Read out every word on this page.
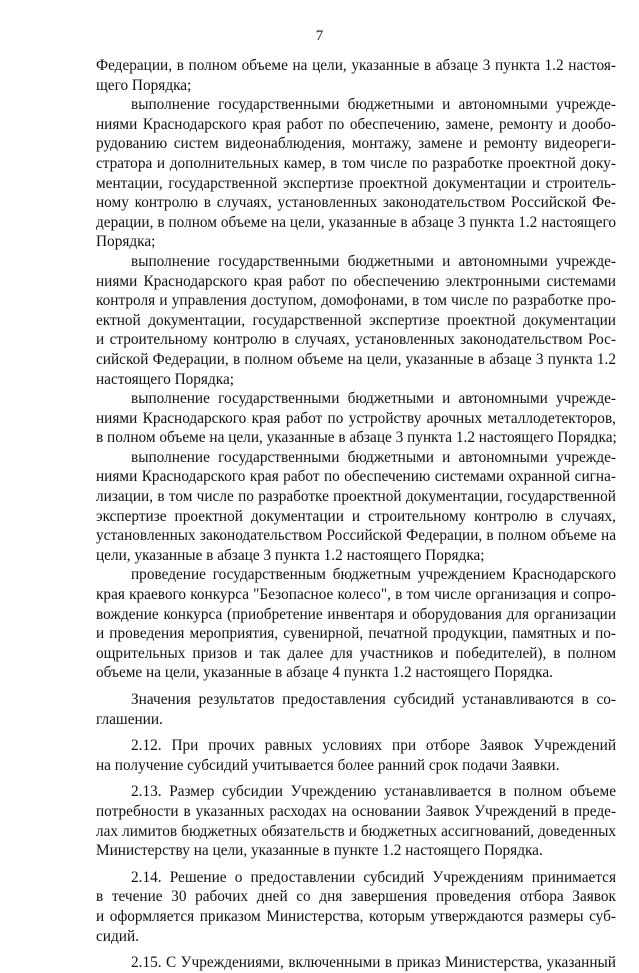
7
Федерации, в полном объеме на цели, указанные в абзаце 3 пункта 1.2 настоя-
щего Порядка;
выполнение государственными бюджетными и автономными учрежде-
ниями Краснодарского края работ по обеспечению, замене, ремонту и дообо-
рудованию систем видеонаблюдения, монтажу, замене и ремонту видеореги-
стратора и дополнительных камер, в том числе по разработке проектной доку-
ментации, государственной экспертизе проектной документации и строитель-
ному контролю в случаях, установленных законодательством Российской Фе-
дерации, в полном объеме на цели, указанные в абзаце 3 пункта 1.2 настоящего
Порядка;
выполнение государственными бюджетными и автономными учрежде-
ниями Краснодарского края работ по обеспечению электронными системами
контроля и управления доступом, домофонами, в том числе по разработке про-
ектной документации, государственной экспертизе проектной документации
и строительному контролю в случаях, установленных законодательством Рос-
сийской Федерации, в полном объеме на цели, указанные в абзаце 3 пункта 1.2
настоящего Порядка;
выполнение государственными бюджетными и автономными учрежде-
ниями Краснодарского края работ по устройству арочных металлодетекторов,
в полном объеме на цели, указанные в абзаце 3 пункта 1.2 настоящего Порядка;
выполнение государственными бюджетными и автономными учрежде-
ниями Краснодарского края работ по обеспечению системами охранной сигна-
лизации, в том числе по разработке проектной документации, государственной
экспертизе проектной документации и строительному контролю в случаях,
установленных законодательством Российской Федерации, в полном объеме на
цели, указанные в абзаце 3 пункта 1.2 настоящего Порядка;
проведение государственным бюджетным учреждением Краснодарского
края краевого конкурса "Безопасное колесо", в том числе организация и сопро-
вождение конкурса (приобретение инвентаря и оборудования для организации
и проведения мероприятия, сувенирной, печатной продукции, памятных и по-
ощрительных призов и так далее для участников и победителей), в полном
объеме на цели, указанные в абзаце 4 пункта 1.2 настоящего Порядка.
Значения результатов предоставления субсидий устанавливаются в со-
глашении.
2.12. При прочих равных условиях при отборе Заявок Учреждений
на получение субсидий учитывается более ранний срок подачи Заявки.
2.13. Размер субсидии Учреждению устанавливается в полном объеме
потребности в указанных расходах на основании Заявок Учреждений в преде-
лах лимитов бюджетных обязательств и бюджетных ассигнований, доведенных
Министерству на цели, указанные в пункте 1.2 настоящего Порядка.
2.14. Решение о предоставлении субсидий Учреждениям принимается
в течение 30 рабочих дней со дня завершения проведения отбора Заявок
и оформляется приказом Министерства, которым утверждаются размеры суб-
сидий.
2.15. С Учреждениями, включенными в приказ Министерства, указанный
